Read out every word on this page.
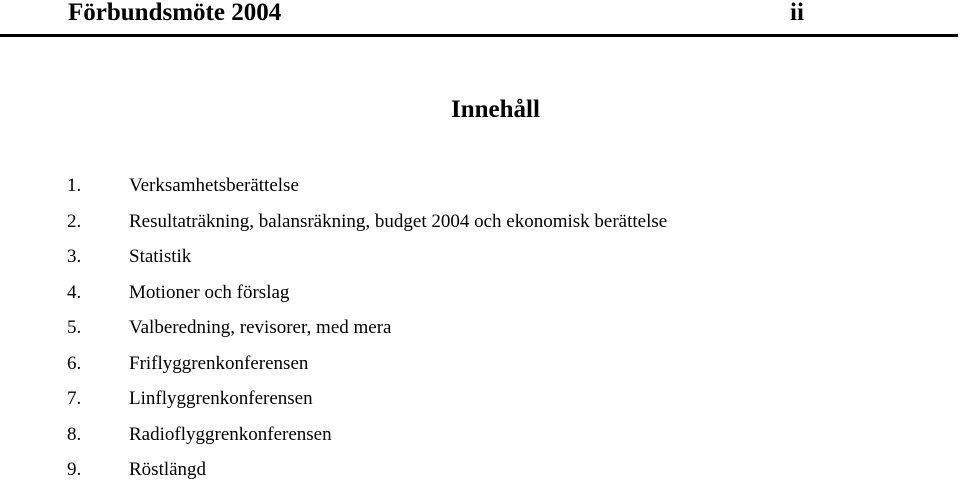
Förbundsmöte 2004	ii
Innehåll
1.	Verksamhetsberättelse
2.	Resultaträkning, balansräkning, budget 2004 och ekonomisk berättelse
3.	Statistik
4.	Motioner och förslag
5.	Valberedning, revisorer, med mera
6.	Friflyggrenkonferensen
7.	Linflyggrenkonferensen
8.	Radioflyggrenkonferensen
9.	Röstlängd
